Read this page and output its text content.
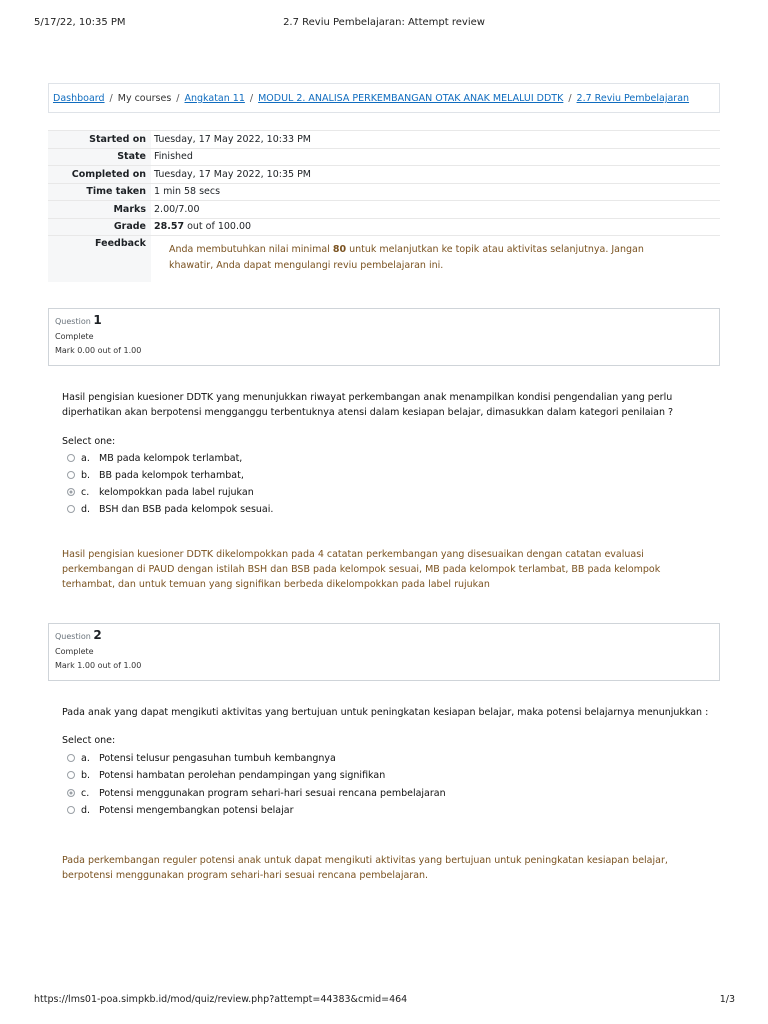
5/17/22, 10:35 PM	2.7 Reviu Pembelajaran: Attempt review
Dashboard / My courses / Angkatan 11 / MODUL 2. ANALISA PERKEMBANGAN OTAK ANAK MELALUI DDTK / 2.7 Reviu Pembelajaran
Started on	Tuesday, 17 May 2022, 10:33 PM
State	Finished
Completed on	Tuesday, 17 May 2022, 10:35 PM
Time taken	1 min 58 secs
Marks	2.00/7.00
Grade	28.57 out of 100.00
Feedback	Anda membutuhkan nilai minimal 80 untuk melanjutkan ke topik atau aktivitas selanjutnya. Jangan khawatir, Anda dapat mengulangi reviu pembelajaran ini.
Question 1
Complete
Mark 0.00 out of 1.00
Hasil pengisian kuesioner DDTK yang menunjukkan riwayat perkembangan anak menampilkan kondisi pengendalian yang perlu diperhatikan akan berpotensi mengganggu terbentuknya atensi dalam kesiapan belajar, dimasukkan dalam kategori penilaian ?
Select one:
a. MB pada kelompok terlambat,
b. BB pada kelompok terhambat,
c. kelompokkan pada label rujukan
d. BSH dan BSB pada kelompok sesuai.
Hasil pengisian kuesioner DDTK dikelompokkan pada 4 catatan perkembangan yang disesuaikan dengan catatan evaluasi perkembangan di PAUD dengan istilah BSH dan BSB pada kelompok sesuai, MB pada kelompok terlambat, BB pada kelompok terhambat, dan untuk temuan yang signifikan berbeda dikelompokkan pada label rujukan
Question 2
Complete
Mark 1.00 out of 1.00
Pada anak yang dapat mengikuti aktivitas yang bertujuan untuk peningkatan kesiapan belajar, maka potensi belajarnya menunjukkan :
Select one:
a. Potensi telusur pengasuhan tumbuh kembangnya
b. Potensi hambatan perolehan pendampingan yang signifikan
c. Potensi menggunakan program sehari-hari sesuai rencana pembelajaran
d. Potensi mengembangkan potensi belajar
Pada perkembangan reguler potensi anak untuk dapat mengikuti aktivitas yang bertujuan untuk peningkatan kesiapan belajar, berpotensi menggunakan program sehari-hari sesuai rencana pembelajaran.
https://lms01-poa.simpkb.id/mod/quiz/review.php?attempt=44383&cmid=464	1/3
